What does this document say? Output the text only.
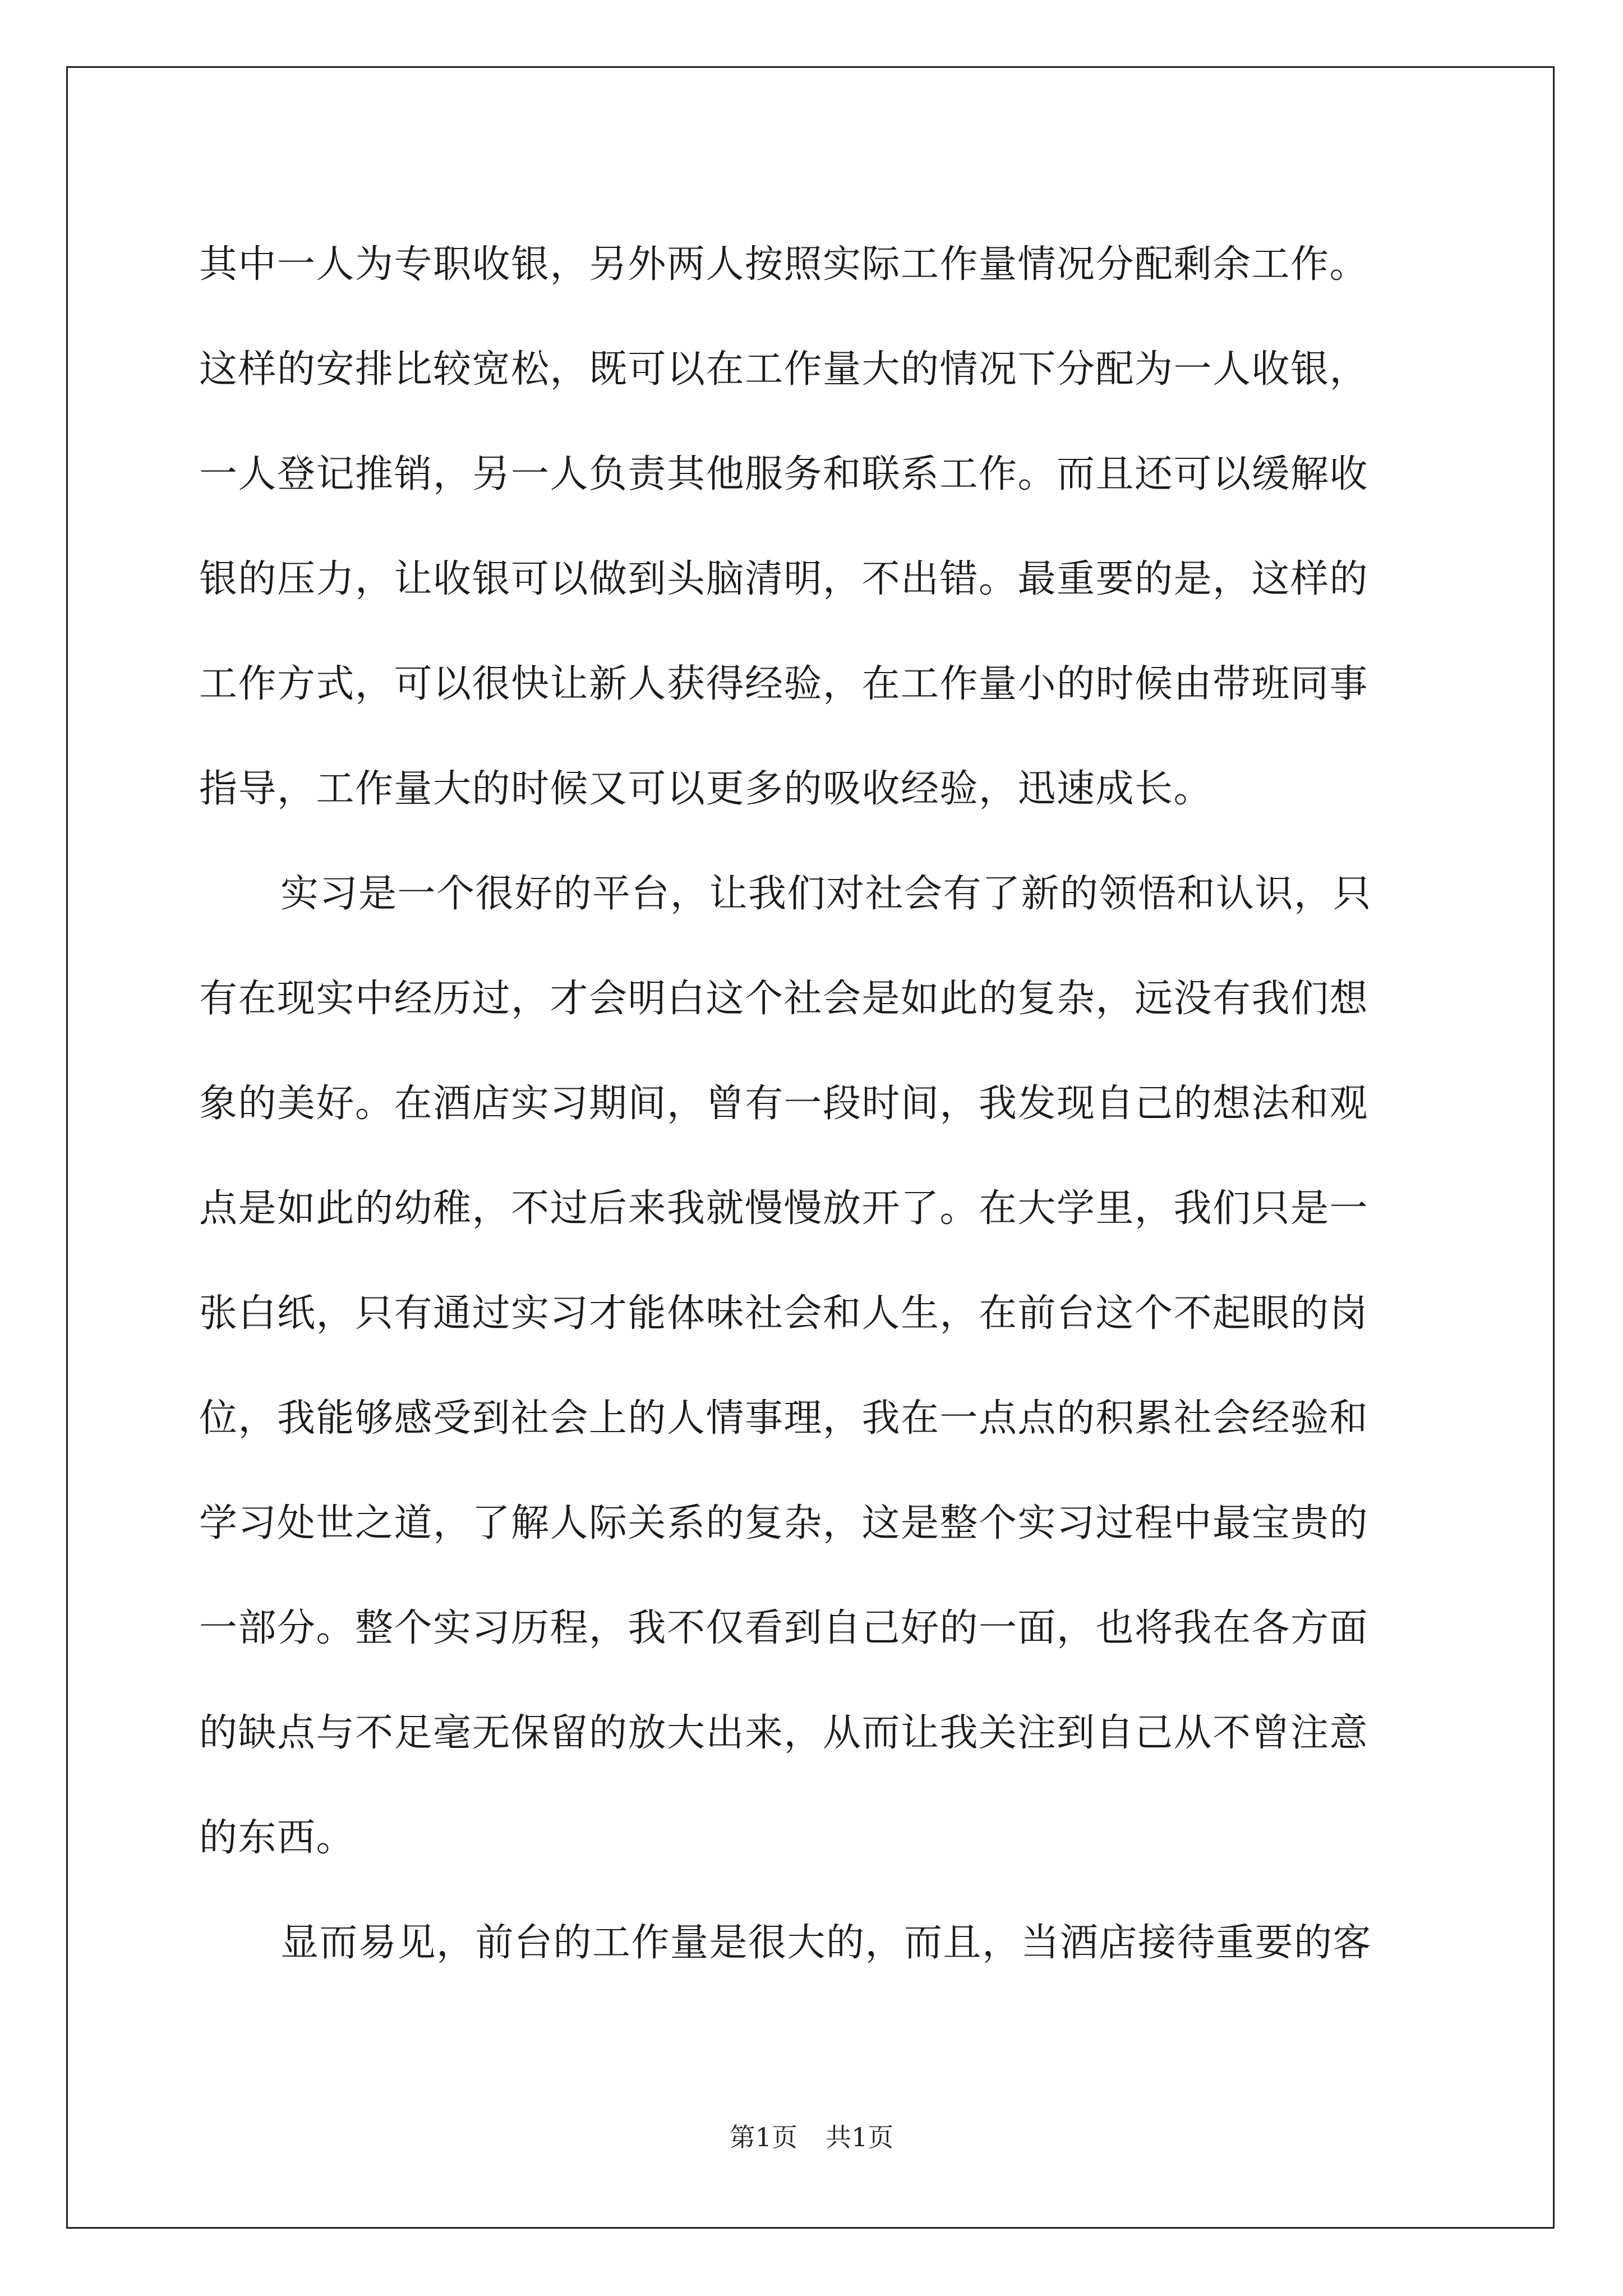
其中一人为专职收银，另外两人按照实际工作量情况分配剩余工作。
这样的安排比较宽松，既可以在工作量大的情况下分配为一人收银，
一人登记推销，另一人负责其他服务和联系工作。而且还可以缓解收
银的压力，让收银可以做到头脑清明，不出错。最重要的是，这样的
工作方式，可以很快让新人获得经验，在工作量小的时候由带班同事
指导，工作量大的时候又可以更多的吸收经验，迅速成长。
实习是一个很好的平台，让我们对社会有了新的领悟和认识，只
有在现实中经历过，才会明白这个社会是如此的复杂，远没有我们想
象的美好。在酒店实习期间，曾有一段时间，我发现自己的想法和观
点是如此的幼稚，不过后来我就慢慢放开了。在大学里，我们只是一
张白纸，只有通过实习才能体味社会和人生，在前台这个不起眼的岗
位，我能够感受到社会上的人情事理，我在一点点的积累社会经验和
学习处世之道，了解人际关系的复杂，这是整个实习过程中最宝贵的
一部分。整个实习历程，我不仅看到自己好的一面，也将我在各方面
的缺点与不足毫无保留的放大出来，从而让我关注到自己从不曾注意
的东西。
显而易见，前台的工作量是很大的，而且，当酒店接待重要的客
第1页 共1页
